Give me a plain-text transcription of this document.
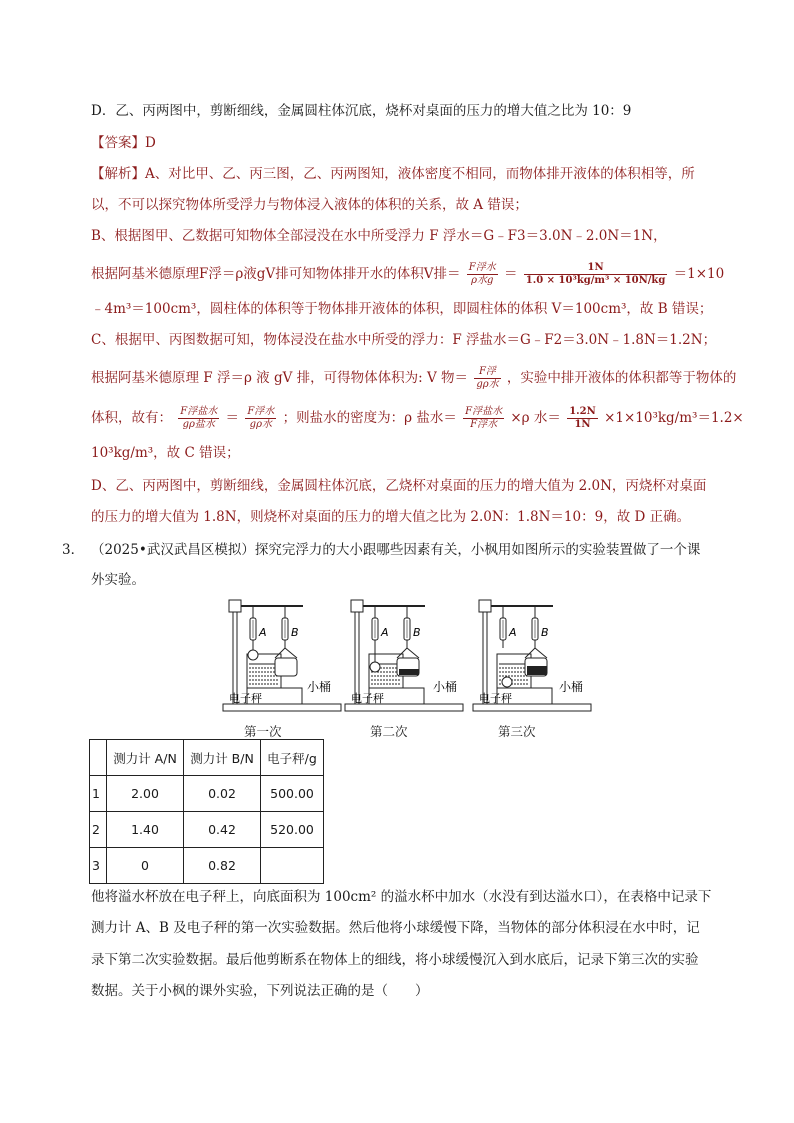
D．乙、丙两图中，剪断细线，金属圆柱体沉底，烧杯对桌面的压力的增大值之比为 10：9
【答案】D
【解析】A、对比甲、乙、丙三图，乙、丙两图知，液体密度不相同，而物体排开液体的体积相等，所
以，不可以探究物体所受浮力与物体浸入液体的体积的关系，故 A 错误；
B、根据图甲、乙数据可知物体全部浸没在水中所受浮力 F 浮水＝G﹣F3＝3.0N﹣2.0N＝1N，
根据阿基米德原理F浮＝ρ液gV排可知物体排开水的体积V排＝ $\frac{\text{F浮水}}{\text{ρ水g}} = \frac{1N}{\text{1.0 × 10³kg/m³ × 10N/kg}} =1\times 10$
﹣4m³＝100cm³，圆柱体的体积等于物体排开液体的体积，即圆柱体的体积 V＝100cm³，故 B 错误；
C、根据甲、丙图数据可知，物体浸没在盐水中所受的浮力：F 浮盐水＝G﹣F2＝3.0N﹣1.8N＝1.2N；
根据阿基米德原理 F 浮＝ρ 液 gV 排，可得物体体积为: V 物＝ $\frac{\text{F浮}}{\text{gρ水}}$ ，实验中排开液体的体积都等于物体的
体积，故有： $\frac{\text{F浮盐水}}{\text{gρ盐水}} = \frac{\text{F浮水}}{\text{gρ水}}$ ；则盐水的密度为：ρ 盐水＝ $\frac{\text{F浮盐水}}{\text{F浮水}} \times\rho$ 水＝ $\frac{1.2N}{1N} \times 1\times 10^3kg/m^3=1.2\times$
10³kg/m³，故 C 错误；
D、乙、丙两图中，剪断细线，金属圆柱体沉底，乙烧杯对桌面的压力的增大值为 2.0N，丙烧杯对桌面
的压力的增大值为 1.8N，则烧杯对桌面的压力的增大值之比为 2.0N：1.8N＝10：9，故 D 正确。
3． （2025•武汉武昌区模拟）探究完浮力的大小跟哪些因素有关，小枫用如图所示的实验装置做了一个课
外实验。
A B	A B	A B
小桶	小桶	小桶
电子秤	电子秤	电子秤
第一次	第二次	第三次
	测力计 A/N	测力计 B/N	电子秤/g
1	2.00	0.02	500.00
2	1.40	0.42	520.00
3	0	0.82	
他将溢水杯放在电子秤上，向底面积为 100cm² 的溢水杯中加水（水没有到达溢水口），在表格中记录下
测力计 A、B 及电子秤的第一次实验数据。然后他将小球缓慢下降，当物体的部分体积浸在水中时，记
录下第二次实验数据。最后他剪断系在物体上的细线，将小球缓慢沉入到水底后，记录下第三次的实验
数据。关于小枫的课外实验，下列说法正确的是（　　）
